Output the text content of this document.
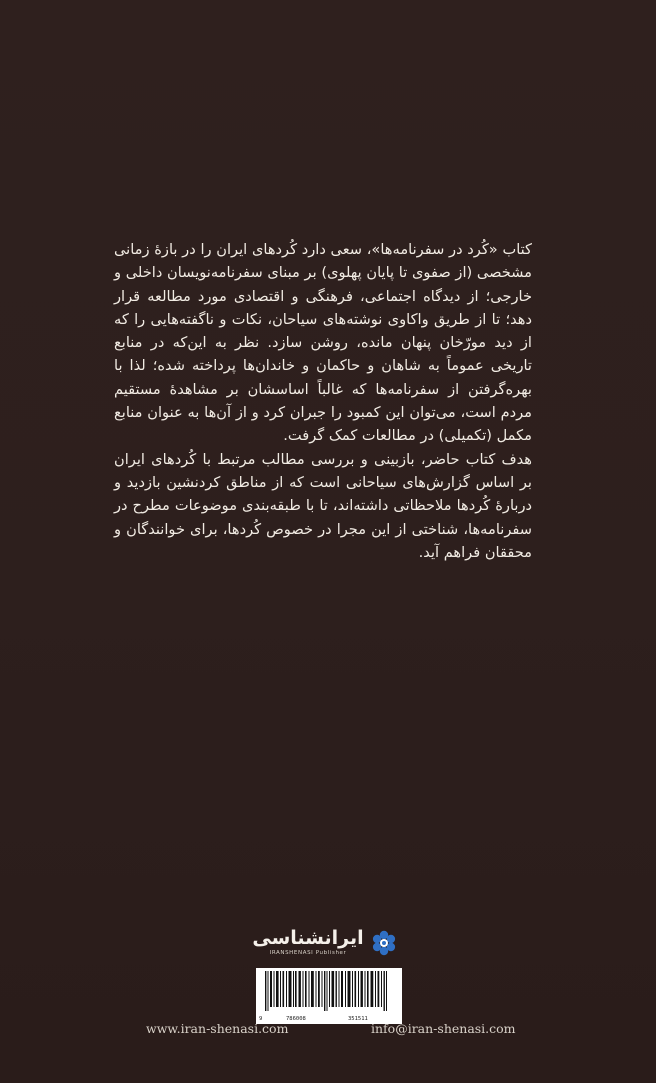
کتاب «کُرد در سفرنامه‌ها»، سعی دارد کُردهای ایران را در بازهٔ زمانی مشخصی (از صفوی تا پایان پهلوی) بر مبنای سفرنامه‌نویسان داخلی و خارجی؛ از دیدگاه اجتماعی، فرهنگی و اقتصادی مورد مطالعه قرار دهد؛ تا از طریق واکاوی نوشته‌های سیاحان، نکات و ناگفته‌هایی را که از دید مورّخان پنهان مانده، روشن سازد. نظر به این‌که در منابع تاریخی عموماً به شاهان و حاکمان و خاندان‌ها پرداخته شده؛ لذا با بهره‌گرفتن از سفرنامه‌ها که غالباً اساسشان بر مشاهدهٔ مستقیم مردم است، می‌توان این کمبود را جبران کرد و از آن‌ها به عنوان منابع مکمل (تکمیلی) در مطالعات کمک گرفت.

هدف کتاب حاضر، بازبینی و بررسی مطالب مرتبط با کُردهای ایران بر اساس گزارش‌های سیاحانی است که از مناطق کردنشین بازدید و دربارهٔ کُردها ملاحظاتی داشته‌اند، تا با طبقه‌بندی موضوعات مطرح در سفرنامه‌ها، شناختی از این مجرا در خصوص کُردها، برای خوانندگان و محققان فراهم آید.

ایرانشناسی
IRANSHENASI Publisher
9	786008	351511
www.iran-shenasi.com	info@iran-shenasi.com
